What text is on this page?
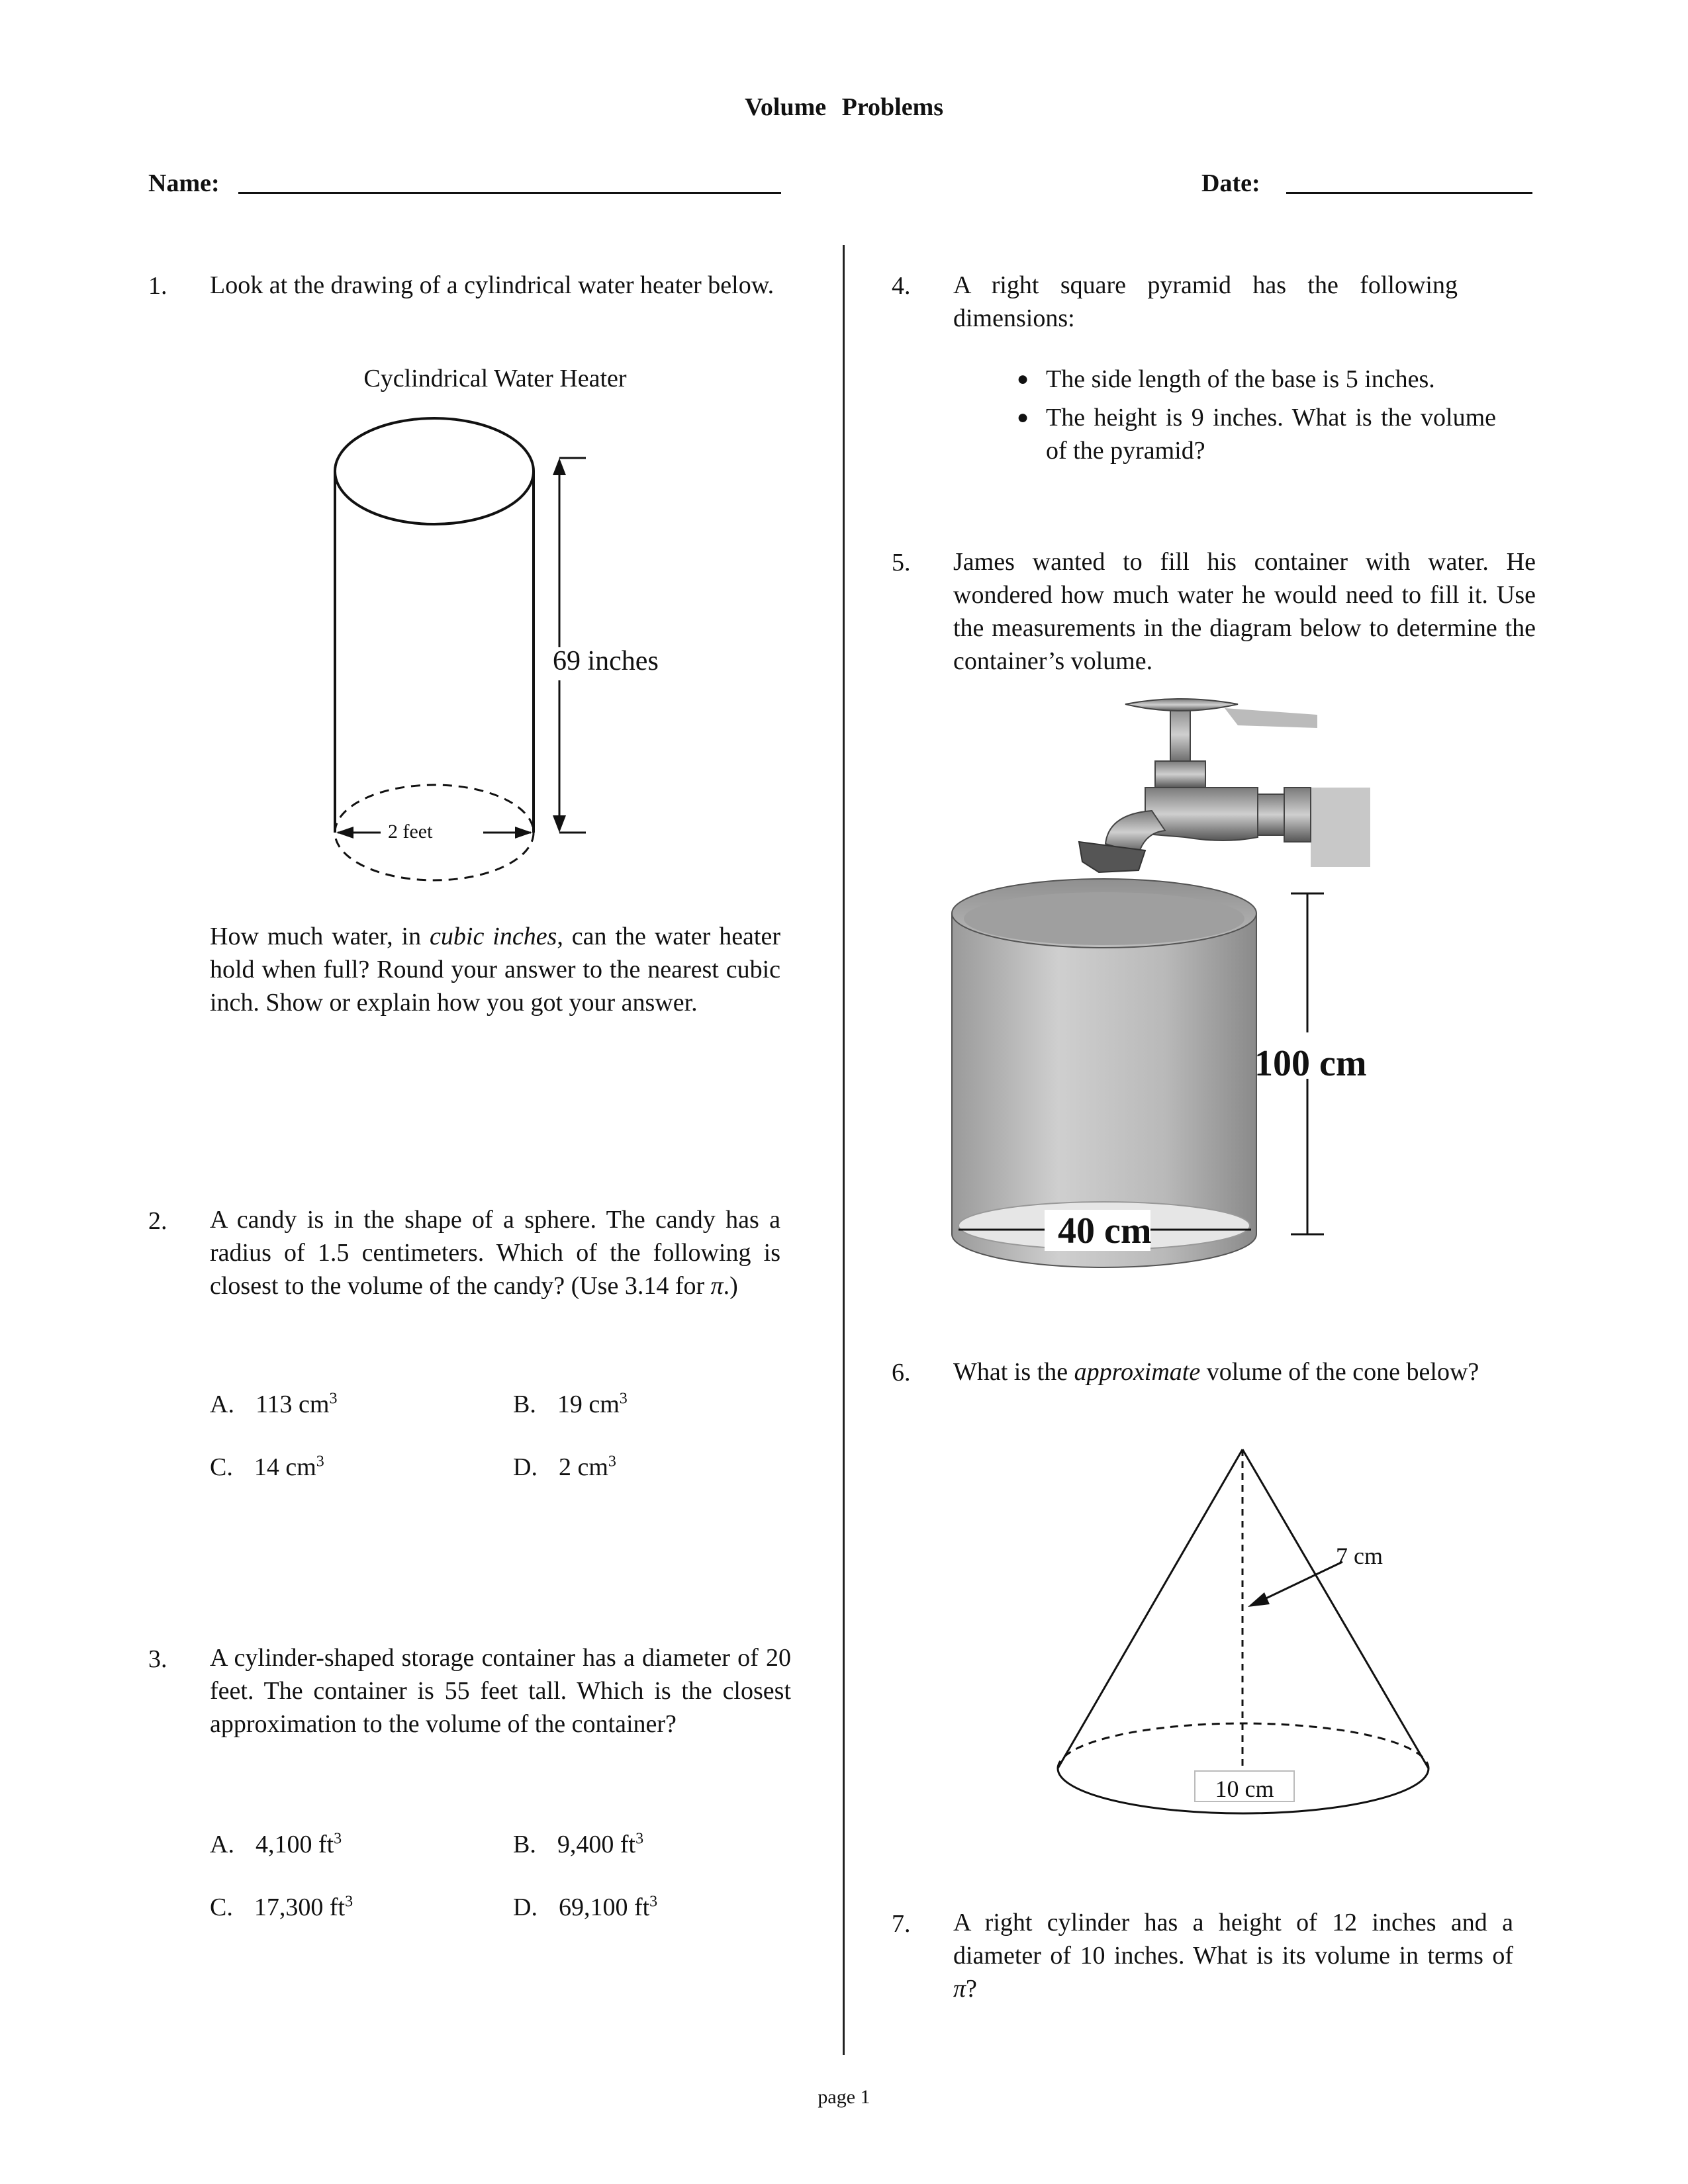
Volume Problems
Name:	Date:
1. Look at the drawing of a cylindrical water heater below.
Cyclindrical Water Heater
69 inches
2 feet
How much water, in cubic inches, can the water heater hold when full? Round your answer to the nearest cubic inch. Show or explain how you got your answer.
2. A candy is in the shape of a sphere. The candy has a radius of 1.5 centimeters. Which of the following is closest to the volume of the candy? (Use 3.14 for π.)
A. 113 $cm^3$	B. 19 $cm^3$
C. 14 $cm^3$	D. 2 $cm^3$
3. A cylinder-shaped storage container has a diameter of 20 feet. The container is 55 feet tall. Which is the closest approximation to the volume of the container?
A. 4,100 $ft^3$	B. 9,400 $ft^3$
C. 17,300 $ft^3$	D. 69,100 $ft^3$
4. A right square pyramid has the following dimensions:
● The side length of the base is 5 inches.
● The height is 9 inches. What is the volume of the pyramid?
5. James wanted to fill his container with water. He wondered how much water he would need to fill it. Use the measurements in the diagram below to determine the container’s volume.
100 cm
40 cm
6. What is the approximate volume of the cone below?
7 cm
10 cm
7. A right cylinder has a height of 12 inches and a diameter of 10 inches. What is its volume in terms of π?
page 1
